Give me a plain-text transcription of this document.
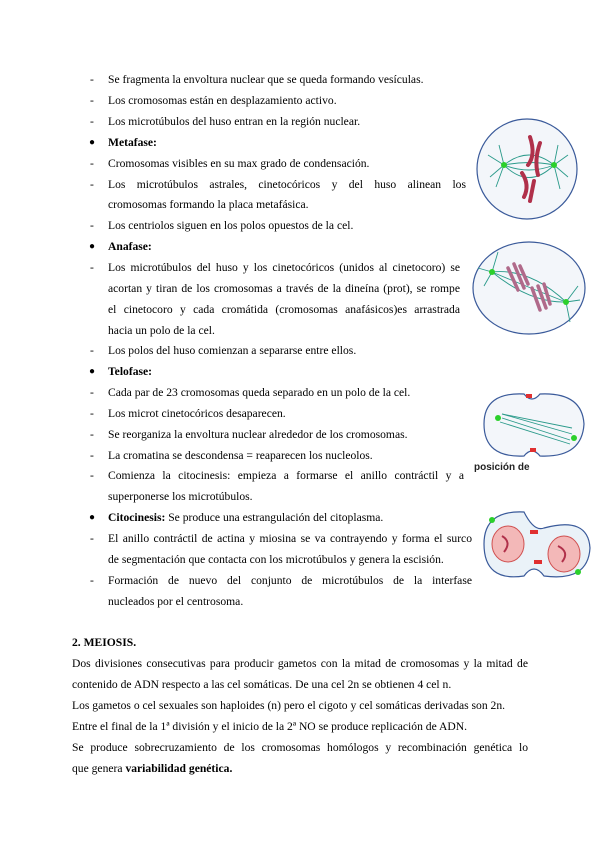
- Se fragmenta la envoltura nuclear que se queda formando vesículas.
- Los cromosomas están en desplazamiento activo.
- Los microtúbulos del huso entran en la región nuclear.
● Metafase:
- Cromosomas visibles en su max grado de condensación.
- Los microtúbulos astrales, cinetocóricos y del huso alinean los
cromosomas formando la placa metafásica.
- Los centriolos siguen en los polos opuestos de la cel.
● Anafase:
- Los microtúbulos del huso y los cinetocóricos (unidos al cinetocoro) se
acortan y tiran de los cromosomas a través de la dineína (prot), se rompe
el cinetocoro y cada cromátida (cromosomas anafásicos)es arrastrada
hacia un polo de la cel.
- Los polos del huso comienzan a separarse entre ellos.
● Telofase:
- Cada par de 23 cromosomas queda separado en un polo de la cel.
- Los microt cinetocóricos desaparecen.
- Se reorganiza la envoltura nuclear alrededor de los cromosomas.
- La cromatina se descondensa = reaparecen los nucleolos.
- Comienza la citocinesis: empieza a formarse el anillo contráctil y a
superponerse los microtúbulos.
● Citocinesis: Se produce una estrangulación del citoplasma.
- El anillo contráctil de actina y miosina se va contrayendo y forma el surco
de segmentación que contacta con los microtúbulos y genera la escisión.
- Formación de nuevo del conjunto de microtúbulos de la interfase
nucleados por el centrosoma.
2. MEIOSIS.
Dos divisiones consecutivas para producir gametos con la mitad de cromosomas y la mitad de
contenido de ADN respecto a las cel somáticas. De una cel 2n se obtienen 4 cel n.
Los gametos o cel sexuales son haploides (n) pero el cigoto y cel somáticas derivadas son 2n.
Entre el final de la 1ª división y el inicio de la 2ª NO se produce replicación de ADN.
Se produce sobrecruzamiento de los cromosomas homólogos y recombinación genética lo
que genera variabilidad genética.
posición de
